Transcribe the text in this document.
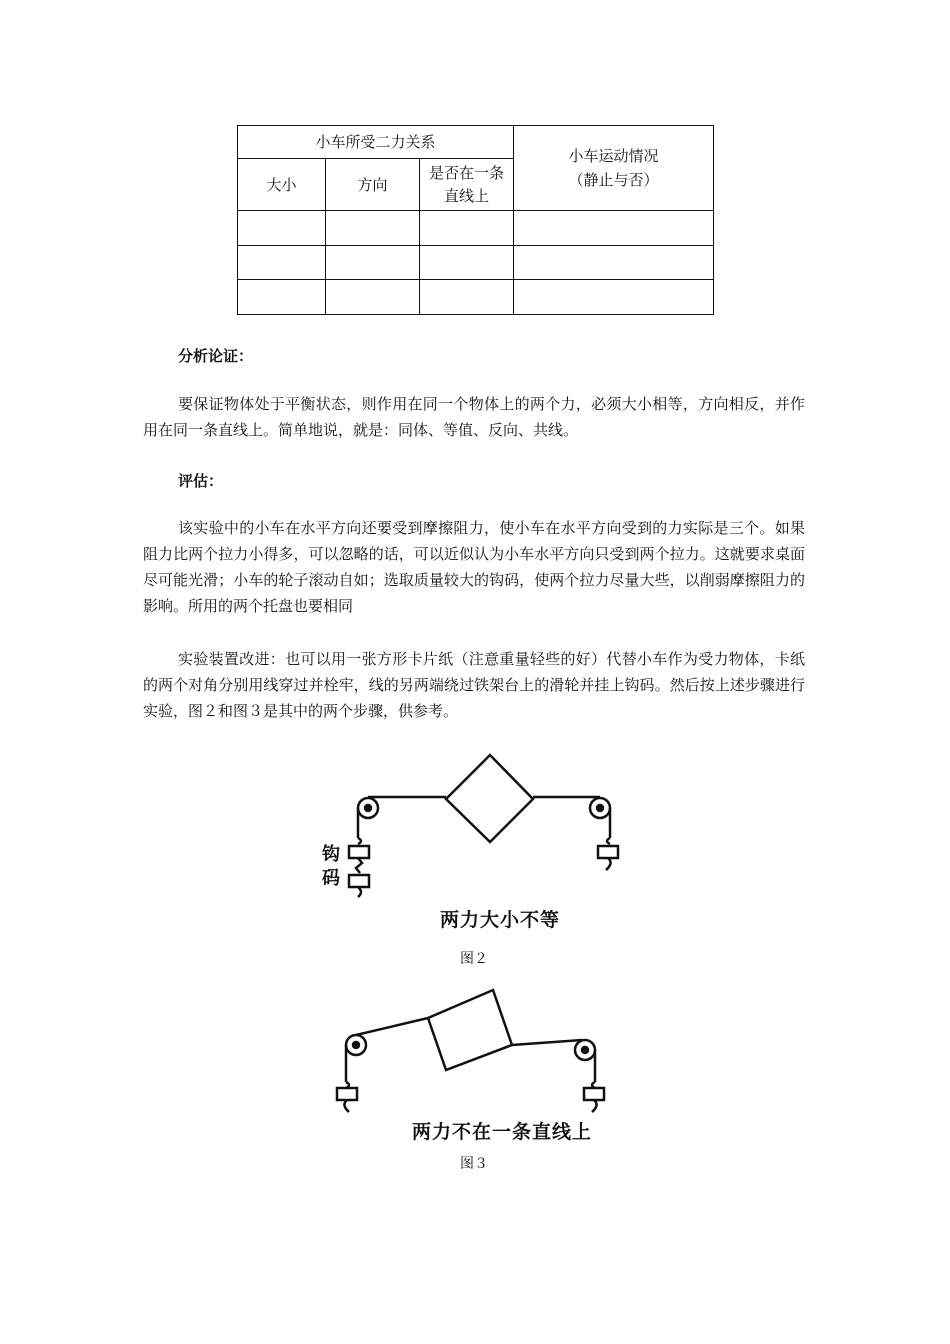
小车所受二力关系			小车运动情况
（静止与否）

大小	方向	是否在一条直线上	

分析论证：

要保证物体处于平衡状态，则作用在同一个物体上的两个力，必须大小相等，方向相反，并作用在同一条直线上。简单地说，就是：同体、等值、反向、共线。

评估：

该实验中的小车在水平方向还要受到摩擦阻力，使小车在水平方向受到的力实际是三个。如果阻力比两个拉力小得多，可以忽略的话，可以近似认为小车水平方向只受到两个拉力。这就要求桌面尽可能光滑；小车的轮子滚动自如；选取质量较大的钩码，使两个拉力尽量大些，以削弱摩擦阻力的影响。所用的两个托盘也要相同

实验装置改进：也可以用一张方形卡片纸（注意重量轻些的好）代替小车作为受力物体，卡纸的两个对角分别用线穿过并栓牢，线的另两端绕过铁架台上的滑轮并挂上钩码。然后按上述步骤进行实验，图２和图３是其中的两个步骤，供参考。

钩
码
两力大小不等
图２
两力不在一条直线上
图３
